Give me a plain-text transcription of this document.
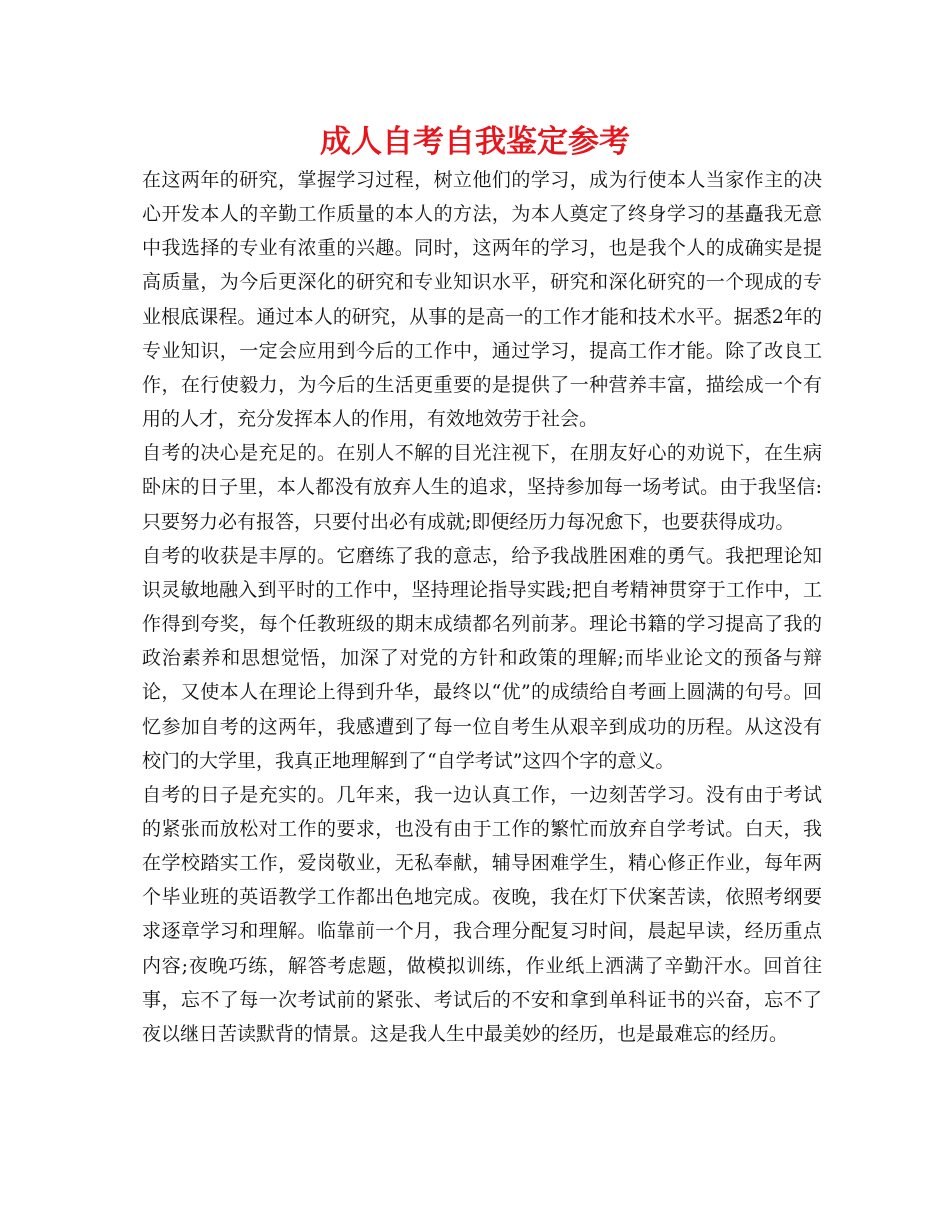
成人自考自我鉴定参考

在这两年的研究，掌握学习过程，树立他们的学习，成为行使本人当家作主的决心开发本人的辛勤工作质量的本人的方法，为本人奠定了终身学习的基矗我无意中我选择的专业有浓重的兴趣。同时，这两年的学习，也是我个人的成确实是提高质量，为今后更深化的研究和专业知识水平，研究和深化研究的一个现成的专业根底课程。通过本人的研究，从事的是高一的工作才能和技术水平。据悉2年的专业知识，一定会应用到今后的工作中，通过学习，提高工作才能。除了改良工作，在行使毅力，为今后的生活更重要的是提供了一种营养丰富，描绘成一个有用的人才，充分发挥本人的作用，有效地效劳于社会。

自考的决心是充足的。在别人不解的目光注视下，在朋友好心的劝说下，在生病卧床的日子里，本人都没有放弃人生的追求，坚持参加每一场考试。由于我坚信:只要努力必有报答，只要付出必有成就;即便经历力每况愈下，也要获得成功。

自考的收获是丰厚的。它磨练了我的意志，给予我战胜困难的勇气。我把理论知识灵敏地融入到平时的工作中，坚持理论指导实践;把自考精神贯穿于工作中，工作得到夸奖，每个任教班级的期末成绩都名列前茅。理论书籍的学习提高了我的政治素养和思想觉悟，加深了对党的方针和政策的理解;而毕业论文的预备与辩论，又使本人在理论上得到升华，最终以“优”的成绩给自考画上圆满的句号。回忆参加自考的这两年，我感遭到了每一位自考生从艰辛到成功的历程。从这没有校门的大学里，我真正地理解到了“自学考试”这四个字的意义。

自考的日子是充实的。几年来，我一边认真工作，一边刻苦学习。没有由于考试的紧张而放松对工作的要求，也没有由于工作的繁忙而放弃自学考试。白天，我在学校踏实工作，爱岗敬业，无私奉献，辅导困难学生，精心修正作业，每年两个毕业班的英语教学工作都出色地完成。夜晚，我在灯下伏案苦读，依照考纲要求逐章学习和理解。临靠前一个月，我合理分配复习时间，晨起早读，经历重点内容;夜晚巧练，解答考虑题，做模拟训练，作业纸上洒满了辛勤汗水。回首往事，忘不了每一次考试前的紧张、考试后的不安和拿到单科证书的兴奋，忘不了夜以继日苦读默背的情景。这是我人生中最美妙的经历，也是最难忘的经历。
